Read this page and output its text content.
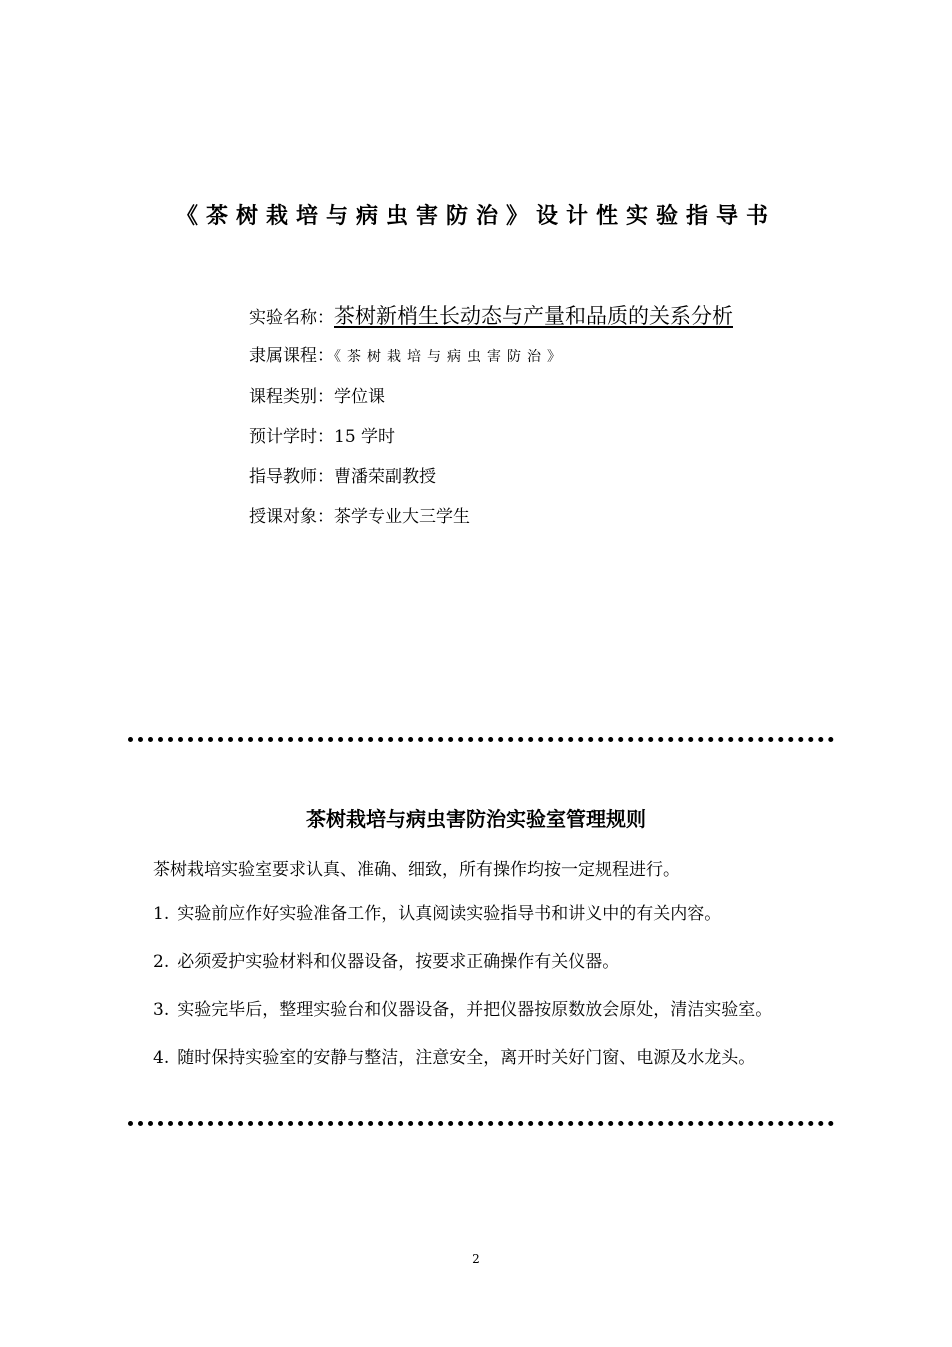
《茶树栽培与病虫害防治》设计性实验指导书
实验名称：茶树新梢生长动态与产量和品质的关系分析
隶属课程：《茶树栽培与病虫害防治》
课程类别：学位课
预计学时：15 学时
指导教师：曹潘荣副教授
授课对象：茶学专业大三学生
茶树栽培与病虫害防治实验室管理规则

茶树栽培实验室要求认真、准确、细致，所有操作均按一定规程进行。

1. 实验前应作好实验准备工作，认真阅读实验指导书和讲义中的有关内容。
2. 必须爱护实验材料和仪器设备，按要求正确操作有关仪器。
3. 实验完毕后，整理实验台和仪器设备，并把仪器按原数放会原处，清洁实验室。
4. 随时保持实验室的安静与整洁，注意安全，离开时关好门窗、电源及水龙头。
2
